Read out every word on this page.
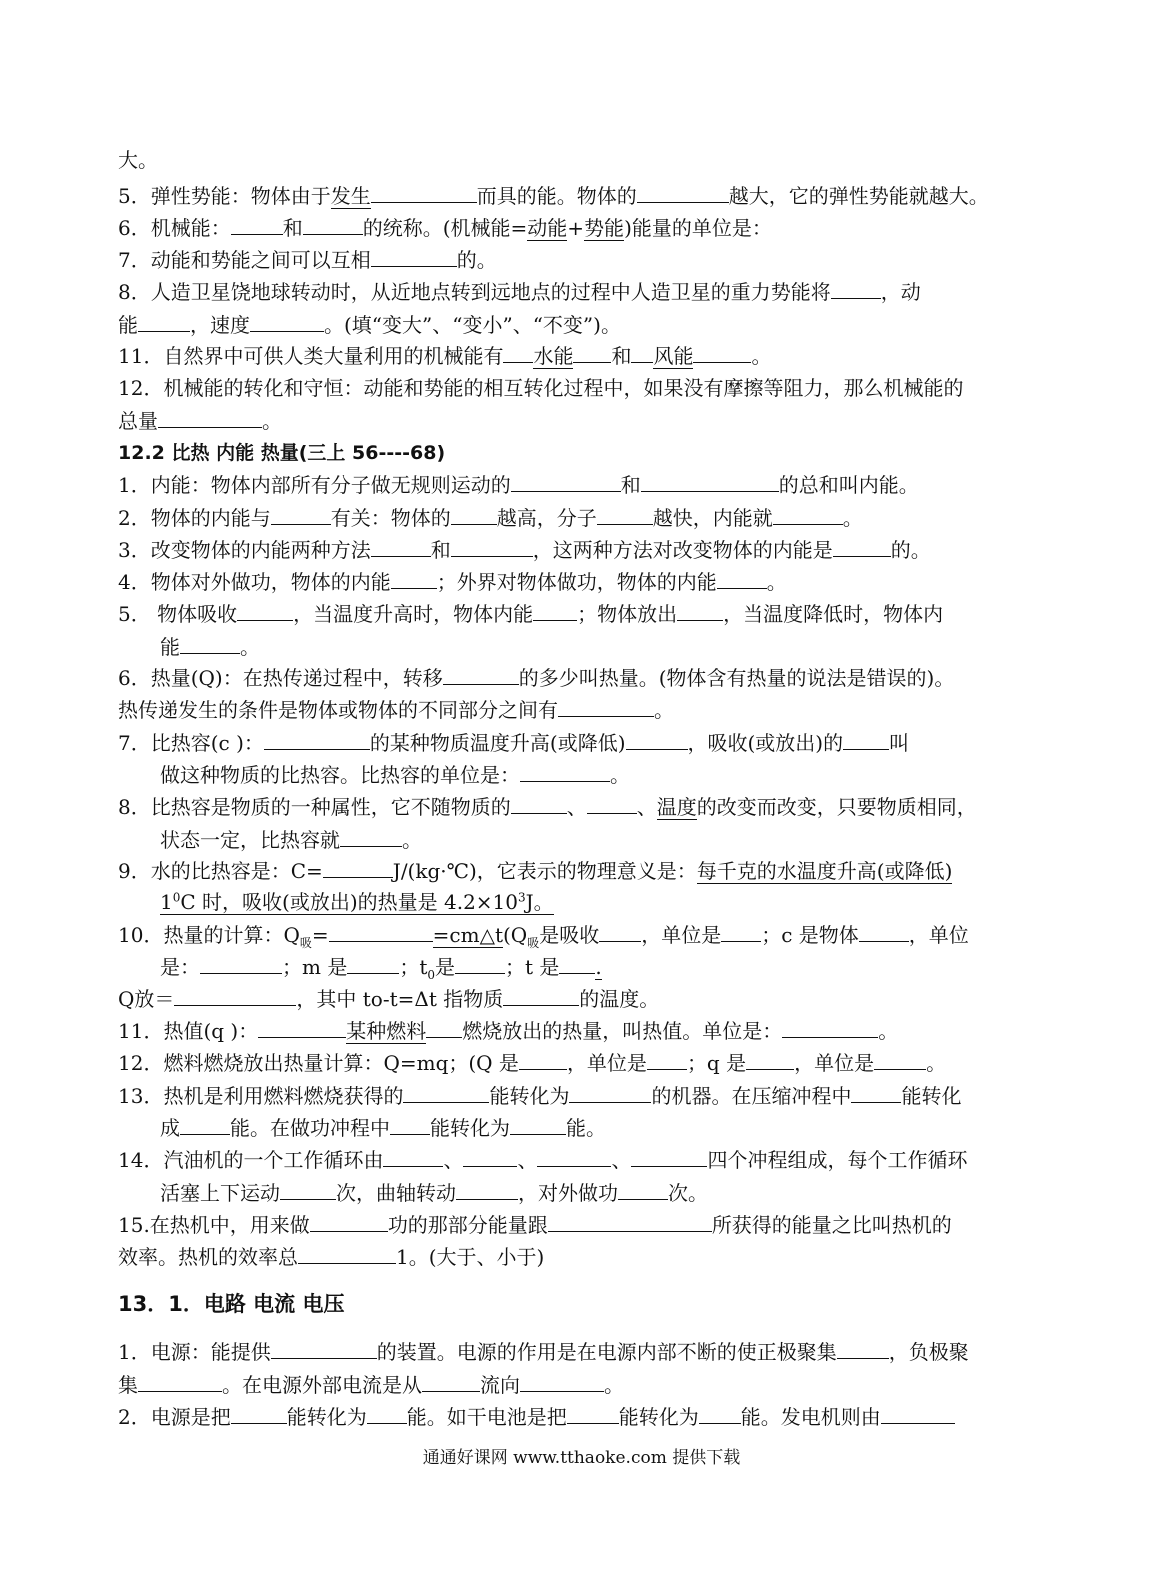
大。
5．弹性势能：物体由于发生	而具的能。物体的	越大，它的弹性势能就越大。
6．机械能：	和	的统称。(机械能=动能+势能)能量的单位是：
7．动能和势能之间可以互相	的。
8．人造卫星饶地球转动时，从近地点转到远地点的过程中人造卫星的重力势能将	，动
能	，速度	。(填“变大”、“变小”、“不变”)。
11．自然界中可供人类大量利用的机械能有 水能 和 风能	。
12．机械能的转化和守恒：动能和势能的相互转化过程中，如果没有摩擦等阻力，那么机械能的
总量	。
12.2 比热 内能 热量(三上 56----68)
1．内能：物体内部所有分子做无规则运动的	和	的总和叫内能。
2．物体的内能与	有关：物体的 越高，分子	越快，内能就	。
3．改变物体的内能两种方法	和	，这两种方法对改变物体的内能是	的。
4．物体对外做功，物体的内能 ；外界对物体做功，物体的内能	。
5． 物体吸收	，当温度升高时，物体内能 ；物体放出 ，当温度降低时，物体内
能	。
6．热量(Q)：在热传递过程中，转移	的多少叫热量。(物体含有热量的说法是错误的)。
热传递发生的条件是物体或物体的不同部分之间有	。
7．比热容(c )：	的某种物质温度升高(或降低)	，吸收(或放出)的 叫
做这种物质的比热容。比热容的单位是：	。
8．比热容是物质的一种属性，它不随物质的	、	、温度的改变而改变，只要物质相同，
状态一定，比热容就	。
9．水的比热容是：C=	J/(kg·℃)，它表示的物理意义是：每千克的水温度升高(或降低)
$1^0C$ 时，吸收(或放出)的热量是 $4.2\times 10^3J$。
10．热量的计算：$Q_吸=$	$=cm\triangle t(Q_吸$是吸收 ，单位是 ；c 是物体	，单位
是：	；m 是	；$t_0$是	；t 是 .
Q放＝	，其中 to-t=Δt 指物质	的温度。
11．热值(q )：	某种燃料 燃烧放出的热量，叫热值。单位是：	。
12．燃料燃烧放出热量计算：Q=mq；(Q 是 ，单位是 ；q 是 ，单位是	。
13．热机是利用燃料燃烧获得的	能转化为	的机器。在压缩冲程中	能转化
成	能。在做功冲程中 能转化为	能。
14．汽油机的一个工作循环由	、	、	、	四个冲程组成，每个工作循环
活塞上下运动	次，曲轴转动	，对外做功	次。
15.在热机中，用来做	功的那部分能量跟	所获得的能量之比叫热机的
效率。热机的效率总	1。(大于、小于)
13．1．电路 电流 电压
1．电源：能提供	的装置。电源的作用是在电源内部不断的使正极聚集	，负极聚
集	。在电源外部电流是从	流向	。
2．电源是把	能转化为 能。如干电池是把	能转化为 能。发电机则由
通通好课网 www.tthaoke.com 提供下载
